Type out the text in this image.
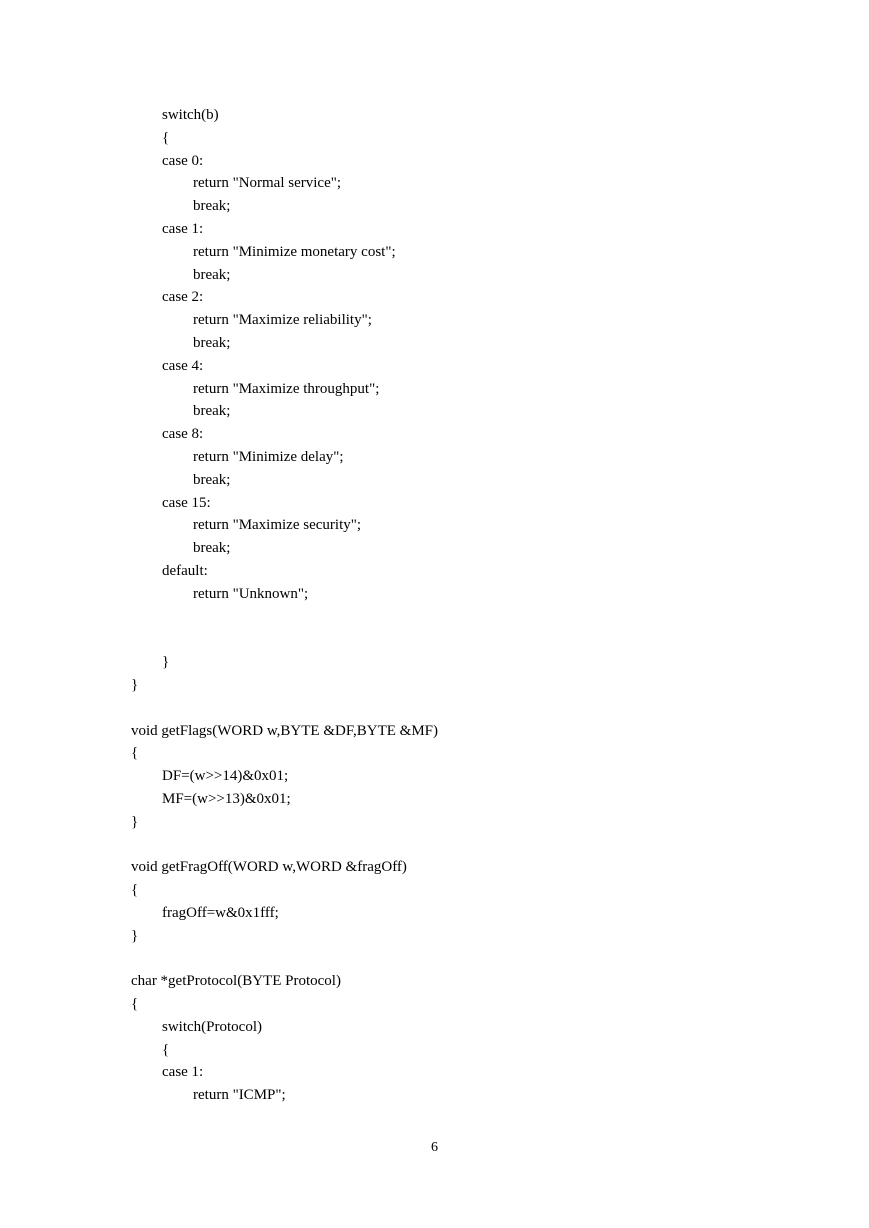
switch(b)
{
case 0:
return "Normal service";
break;
case 1:
return "Minimize monetary cost";
break;
case 2:
return "Maximize reliability";
break;
case 4:
return "Maximize throughput";
break;
case 8:
return "Minimize delay";
break;
case 15:
return "Maximize security";
break;
default:
return "Unknown";
}
}
void getFlags(WORD w,BYTE &DF,BYTE &MF)
{
DF=(w>>14)&0x01;
MF=(w>>13)&0x01;
}
void getFragOff(WORD w,WORD &fragOff)
{
fragOff=w&0x1fff;
}
char *getProtocol(BYTE Protocol)
{
switch(Protocol)
{
case 1:
return "ICMP";
6
